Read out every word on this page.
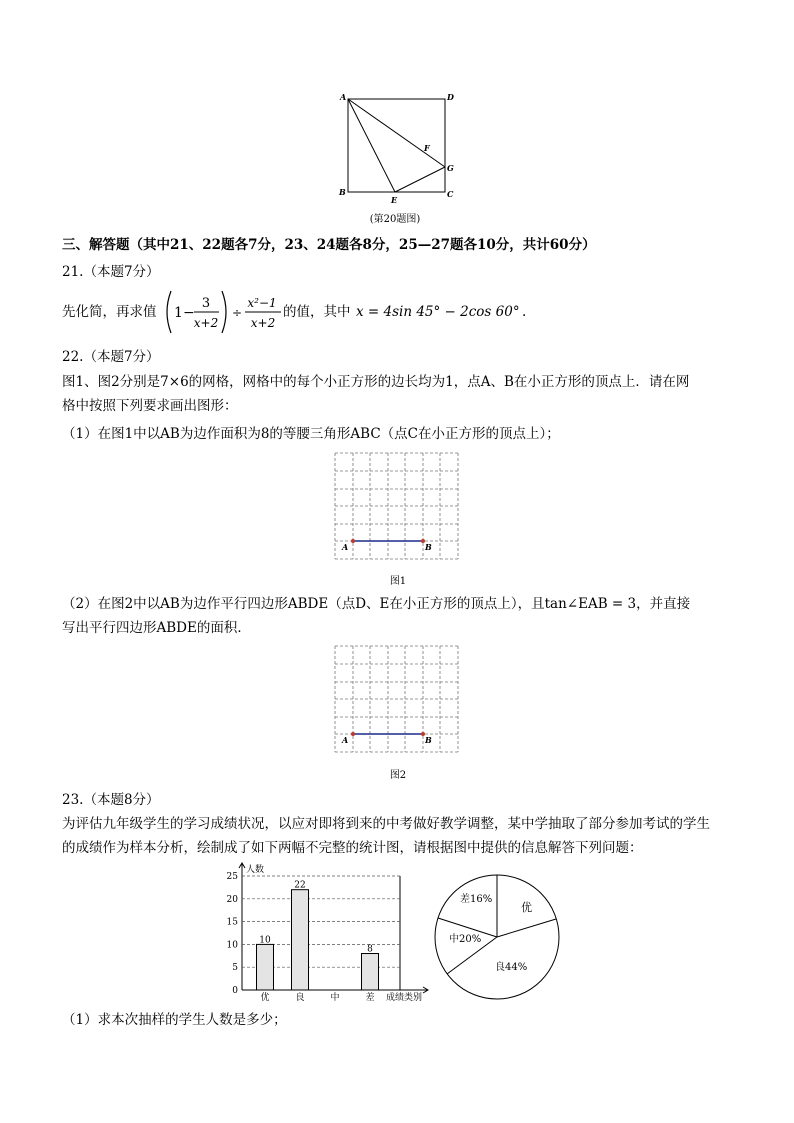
A	D
B	C
E
F
G
(第20题图)
三、解答题（其中21、22题各7分，23、24题各8分，25—27题各10分，共计60分）
21.（本题7分）
先化简，再求值 1 −
3
x+2
÷
x²−1
x+2
的值，其中 x = 4sin 45° − 2cos 60° .
22.（本题7分）
图1、图2分别是7×6的网格，网格中的每个小正方形的边长均为1，点A、B在小正方形的顶点上．请在网
格中按照下列要求画出图形：
（1）在图1中以AB为边作面积为8的等腰三角形ABC（点C在小正方形的顶点上）；
A	B
图1
（2）在图2中以AB为边作平行四边形ABDE（点D、E在小正方形的顶点上），且tan∠EAB = 3，并直接
写出平行四边形ABDE的面积．
A	B
图2
23.（本题8分）
为评估九年级学生的学习成绩状况，以应对即将到来的中考做好教学调整，某中学抽取了部分参加考试的学生
的成绩作为样本分析，绘制成了如下两幅不完整的统计图，请根据图中提供的信息解答下列问题：
0
5
10
15
20
25
10
优
22
良	中
8
差
人数
成绩类别
优
良44%
中20%
差16%
（1）求本次抽样的学生人数是多少；
